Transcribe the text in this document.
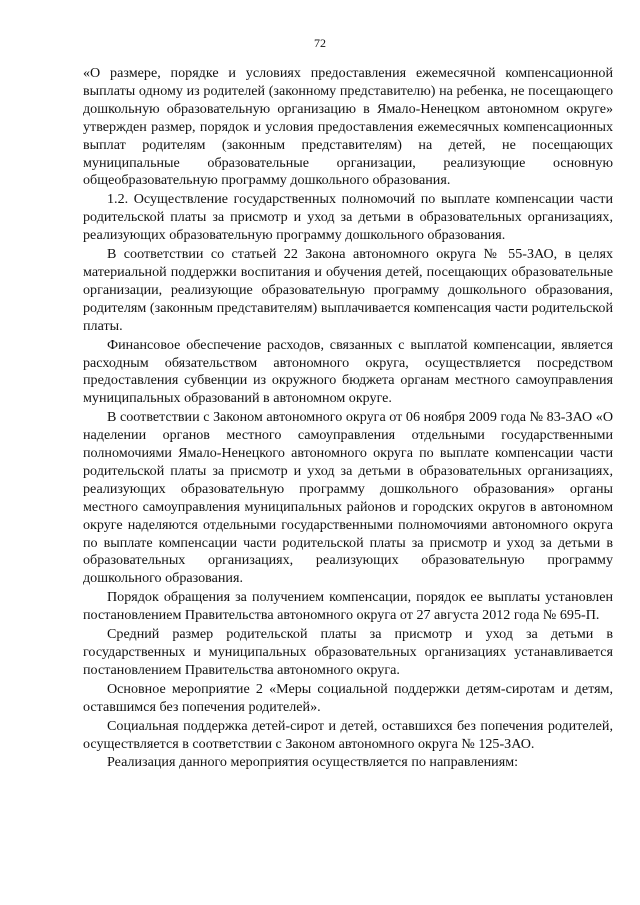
72

«О размере, порядке и условиях предоставления ежемесячной компенсационной выплаты одному из родителей (законному представителю) на ребенка, не посещающего дошкольную образовательную организацию в Ямало-Ненецком автономном округе» утвержден размер, порядок и условия предоставления ежемесячных компенсационных выплат родителям (законным представителям) на детей, не посещающих муниципальные образовательные организации, реализующие основную общеобразовательную программу дошкольного образования.

1.2. Осуществление государственных полномочий по выплате компенсации части родительской платы за присмотр и уход за детьми в образовательных организациях, реализующих образовательную программу дошкольного образования.

В соответствии со статьей 22 Закона автономного округа № 55-ЗАО, в целях материальной поддержки воспитания и обучения детей, посещающих образовательные организации, реализующие образовательную программу дошкольного образования, родителям (законным представителям) выплачивается компенсация части родительской платы.

Финансовое обеспечение расходов, связанных с выплатой компенсации, является расходным обязательством автономного округа, осуществляется посредством предоставления субвенции из окружного бюджета органам местного самоуправления муниципальных образований в автономном округе.

В соответствии с Законом автономного округа от 06 ноября 2009 года № 83-ЗАО «О наделении органов местного самоуправления отдельными государственными полномочиями Ямало-Ненецкого автономного округа по выплате компенсации части родительской платы за присмотр и уход за детьми в образовательных организациях, реализующих образовательную программу дошкольного образования» органы местного самоуправления муниципальных районов и городских округов в автономном округе наделяются отдельными государственными полномочиями автономного округа по выплате компенсации части родительской платы за присмотр и уход за детьми в образовательных организациях, реализующих образовательную программу дошкольного образования.

Порядок обращения за получением компенсации, порядок ее выплаты установлен постановлением Правительства автономного округа от 27 августа 2012 года № 695-П.

Средний размер родительской платы за присмотр и уход за детьми в государственных и муниципальных образовательных организациях устанавливается постановлением Правительства автономного округа.

Основное мероприятие 2 «Меры социальной поддержки детям-сиротам и детям, оставшимся без попечения родителей».

Социальная поддержка детей-сирот и детей, оставшихся без попечения родителей, осуществляется в соответствии с Законом автономного округа № 125-ЗАО.

Реализация данного мероприятия осуществляется по направлениям:
